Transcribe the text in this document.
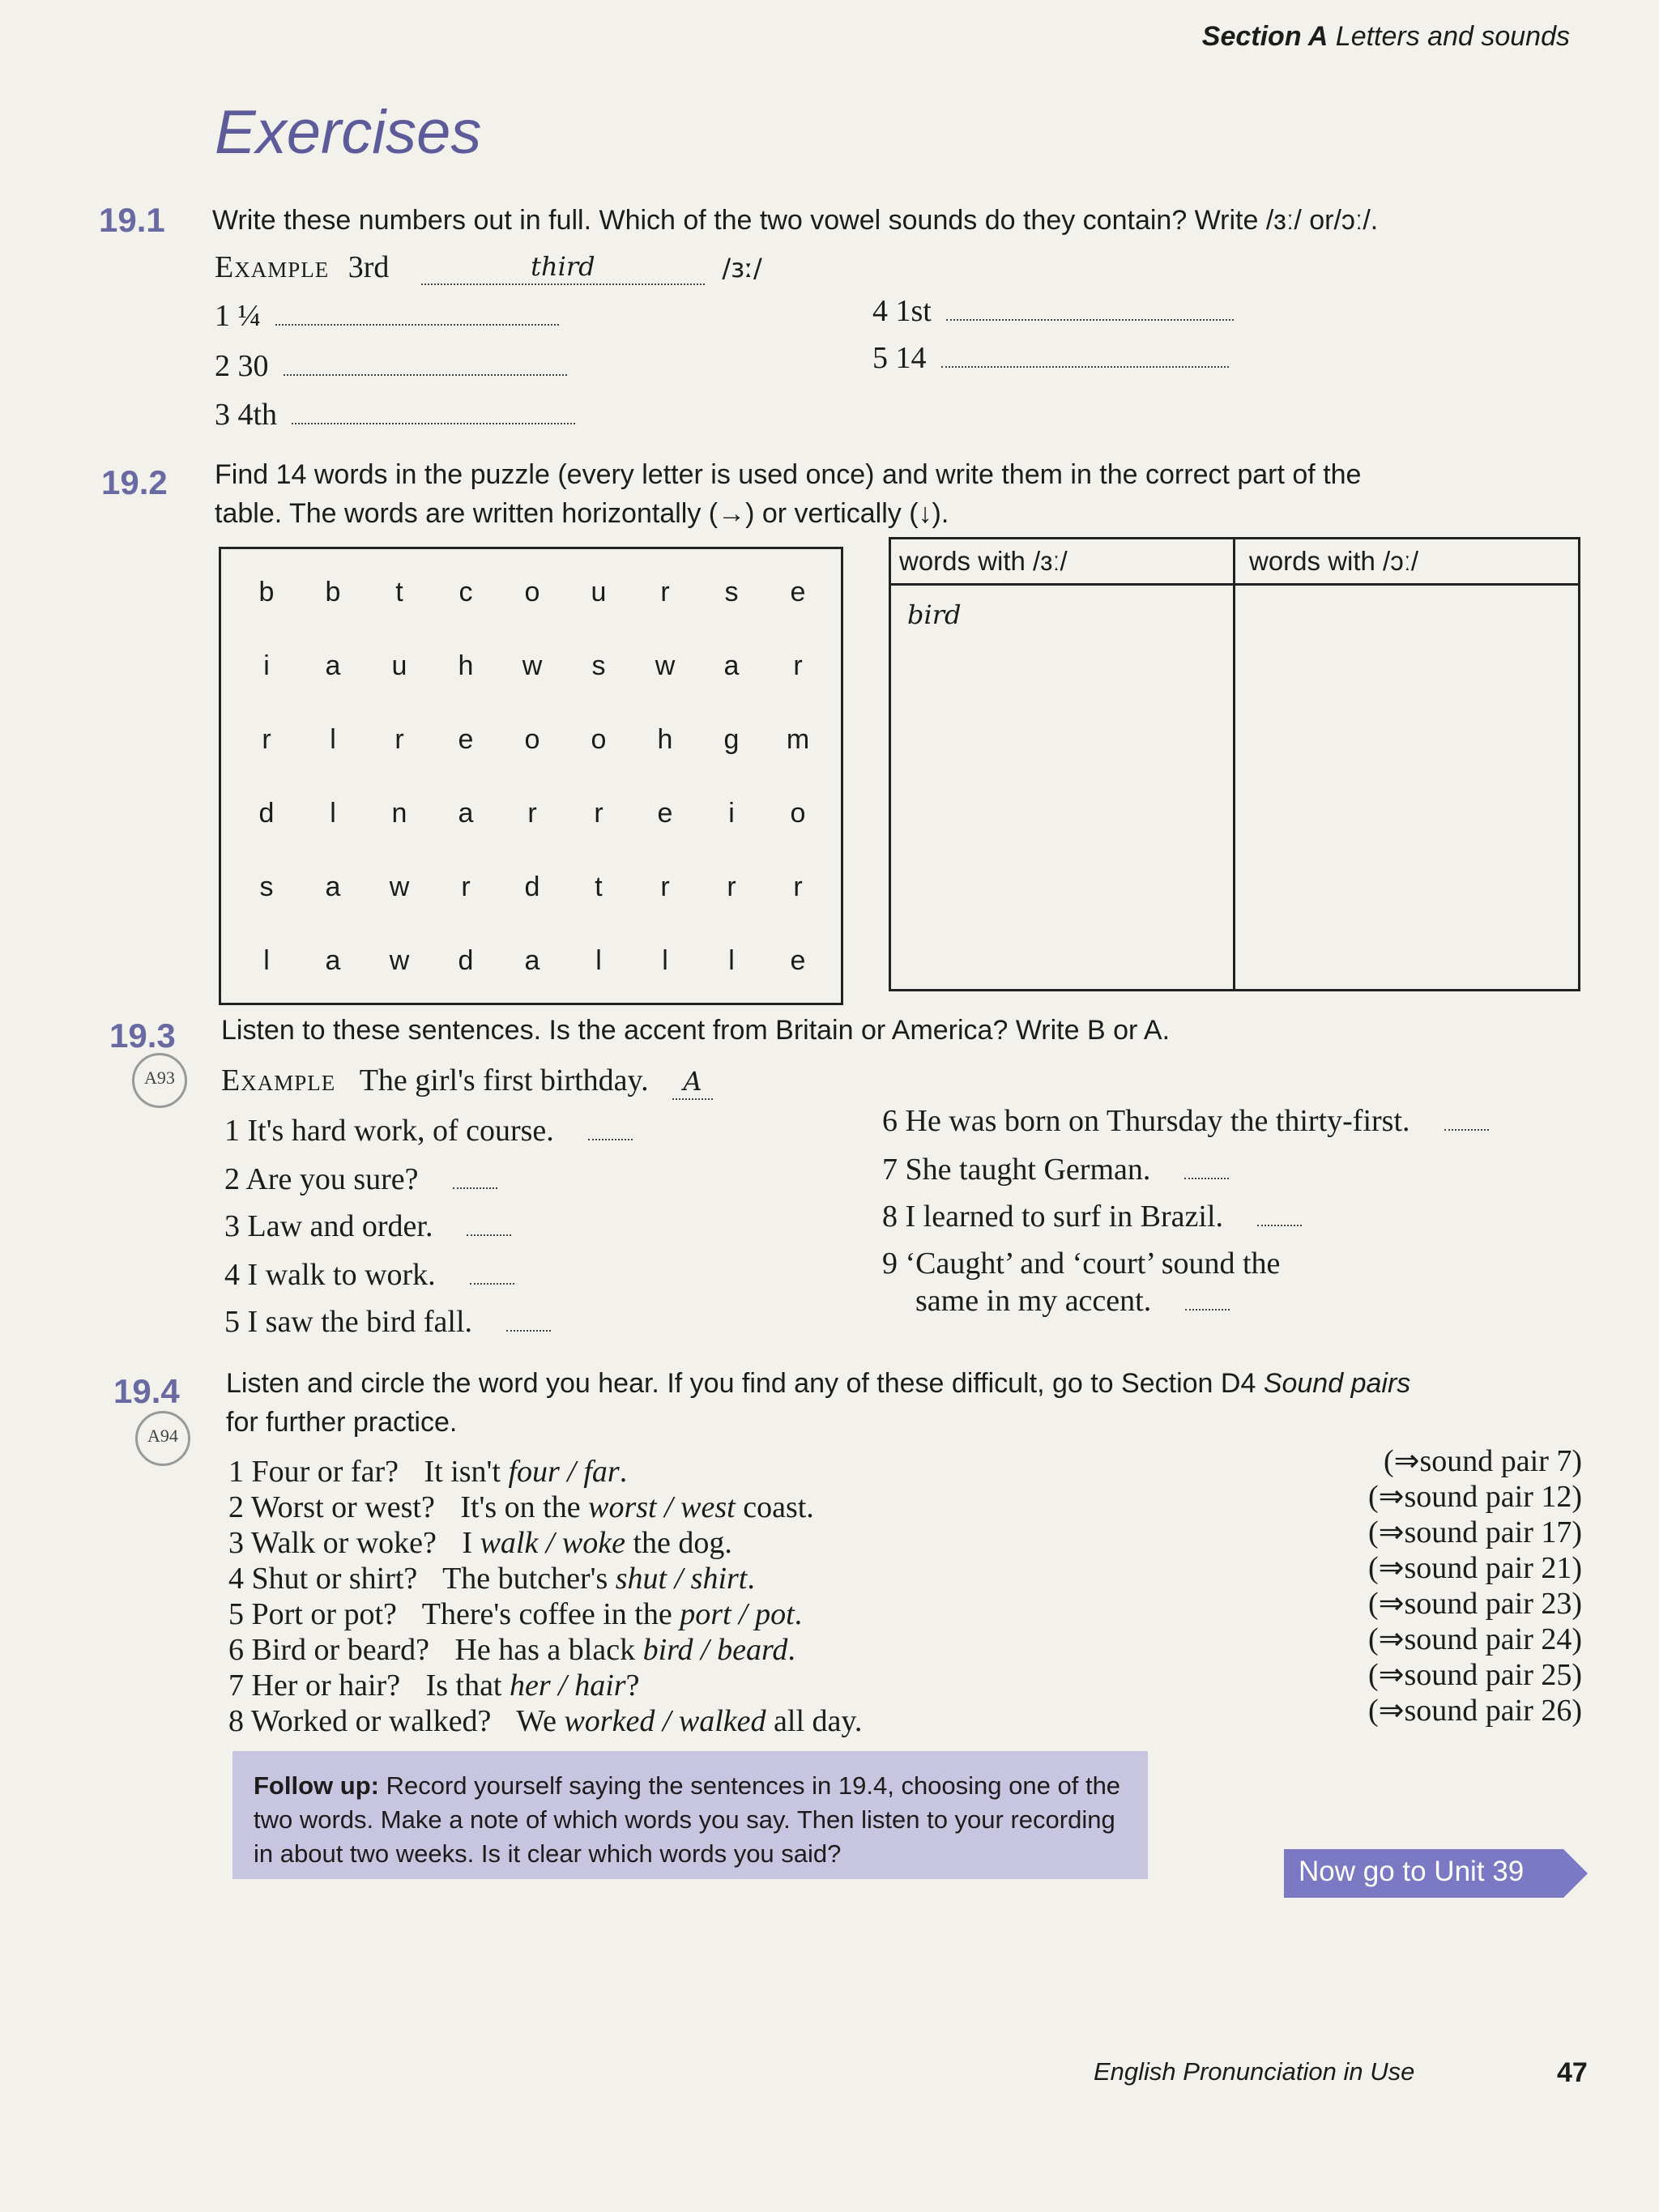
Section A Letters and sounds
Exercises
19.1 Write these numbers out in full. Which of the two vowel sounds do they contain? Write /ɜː/ or/ɔː/.
Example 3rd	third	/ɜː/
1 ¼
2 30
3 4th
4 1st
5 14
19.2 Find 14 words in the puzzle (every letter is used once) and write them in the correct part of the
table. The words are written horizontally (→) or vertically (↓).
b	b	t	c	o	u	r	s	e
i	a	u	h	w	s	w	a	r
r	l	r	e	o	o	h	g	m
d	l	n	a	r	r	e	i	o
s	a	w	r	d	t	r	r	r
l	a	w	d	a	l	l	l	e
words with /ɜː/	words with /ɔː/
bird
19.3
A93
Listen to these sentences. Is the accent from Britain or America? Write B or A.
Example The girl's first birthday. A
1 It's hard work, of course.
2 Are you sure?
3 Law and order.
4 I walk to work.
5 I saw the bird fall.
6 He was born on Thursday the thirty-first.
7 She taught German.
8 I learned to surf in Brazil.
9 ‘Caught’ and ‘court’ sound the
same in my accent.
19.4
A94
Listen and circle the word you hear. If you find any of these difficult, go to Section D4 Sound pairs
for further practice.
1 Four or far? It isn't four / far.	(⇒sound pair 7)
2 Worst or west? It's on the worst / west coast.	(⇒sound pair 12)
3 Walk or woke? I walk / woke the dog.	(⇒sound pair 17)
4 Shut or shirt? The butcher's shut / shirt.	(⇒sound pair 21)
5 Port or pot? There's coffee in the port / pot.	(⇒sound pair 23)
6 Bird or beard? He has a black bird / beard.	(⇒sound pair 24)
7 Her or hair? Is that her / hair?	(⇒sound pair 25)
8 Worked or walked? We worked / walked all day.	(⇒sound pair 26)

Follow up: Record yourself saying the sentences in 19.4, choosing one of the two words. Make a note of which words you say. Then listen to your recording in about two weeks. Is it clear which words you said?

Now go to Unit 39
English Pronunciation in Use	47
